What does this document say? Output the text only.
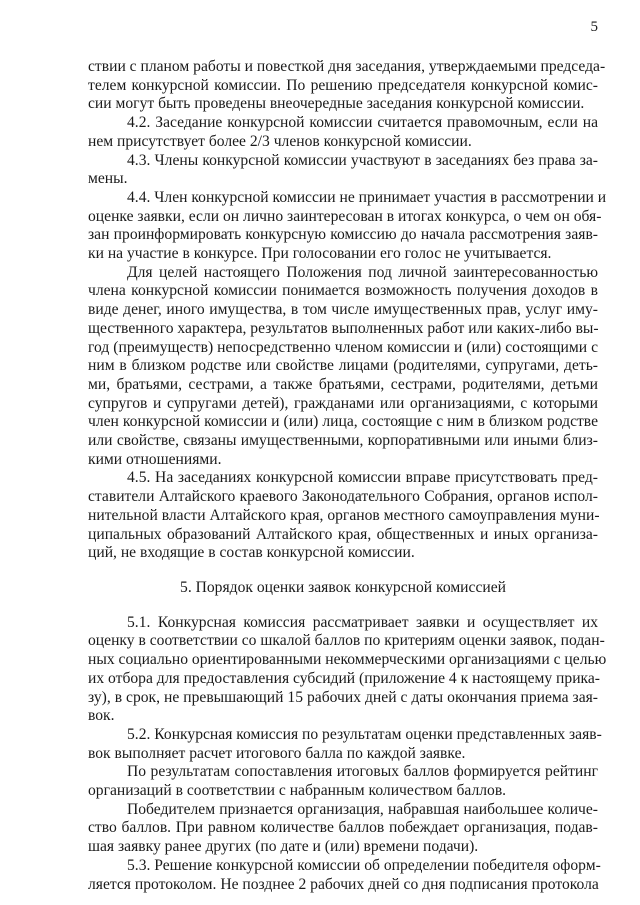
5
ствии с планом работы и повесткой дня заседания, утверждаемыми председа-
телем конкурсной комиссии. По решению председателя конкурсной комис-
сии могут быть проведены внеочередные заседания конкурсной комиссии.
4.2. Заседание конкурсной комиссии считается правомочным, если на
нем присутствует более 2/3 членов конкурсной комиссии.
4.3. Члены конкурсной комиссии участвуют в заседаниях без права за-
мены.
4.4. Член конкурсной комиссии не принимает участия в рассмотрении и
оценке заявки, если он лично заинтересован в итогах конкурса, о чем он обя-
зан проинформировать конкурсную комиссию до начала рассмотрения заяв-
ки на участие в конкурсе. При голосовании его голос не учитывается.
Для целей настоящего Положения под личной заинтересованностью
члена конкурсной комиссии понимается возможность получения доходов в
виде денег, иного имущества, в том числе имущественных прав, услуг иму-
щественного характера, результатов выполненных работ или каких-либо вы-
год (преимуществ) непосредственно членом комиссии и (или) состоящими с
ним в близком родстве или свойстве лицами (родителями, супругами, деть-
ми, братьями, сестрами, а также братьями, сестрами, родителями, детьми
супругов и супругами детей), гражданами или организациями, с которыми
член конкурсной комиссии и (или) лица, состоящие с ним в близком родстве
или свойстве, связаны имущественными, корпоративными или иными близ-
кими отношениями.
4.5. На заседаниях конкурсной комиссии вправе присутствовать пред-
ставители Алтайского краевого Законодательного Собрания, органов испол-
нительной власти Алтайского края, органов местного самоуправления муни-
ципальных образований Алтайского края, общественных и иных организа-
ций, не входящие в состав конкурсной комиссии.
5. Порядок оценки заявок конкурсной комиссией
5.1. Конкурсная комиссия рассматривает заявки и осуществляет их
оценку в соответствии со шкалой баллов по критериям оценки заявок, подан-
ных социально ориентированными некоммерческими организациями с целью
их отбора для предоставления субсидий (приложение 4 к настоящему прика-
зу), в срок, не превышающий 15 рабочих дней с даты окончания приема зая-
вок.
5.2. Конкурсная комиссия по результатам оценки представленных заяв-
вок выполняет расчет итогового балла по каждой заявке.
По результатам сопоставления итоговых баллов формируется рейтинг
организаций в соответствии с набранным количеством баллов.
Победителем признается организация, набравшая наибольшее количе-
ство баллов. При равном количестве баллов побеждает организация, подав-
шая заявку ранее других (по дате и (или) времени подачи).
5.3. Решение конкурсной комиссии об определении победителя оформ-
ляется протоколом. Не позднее 2 рабочих дней со дня подписания протокола
